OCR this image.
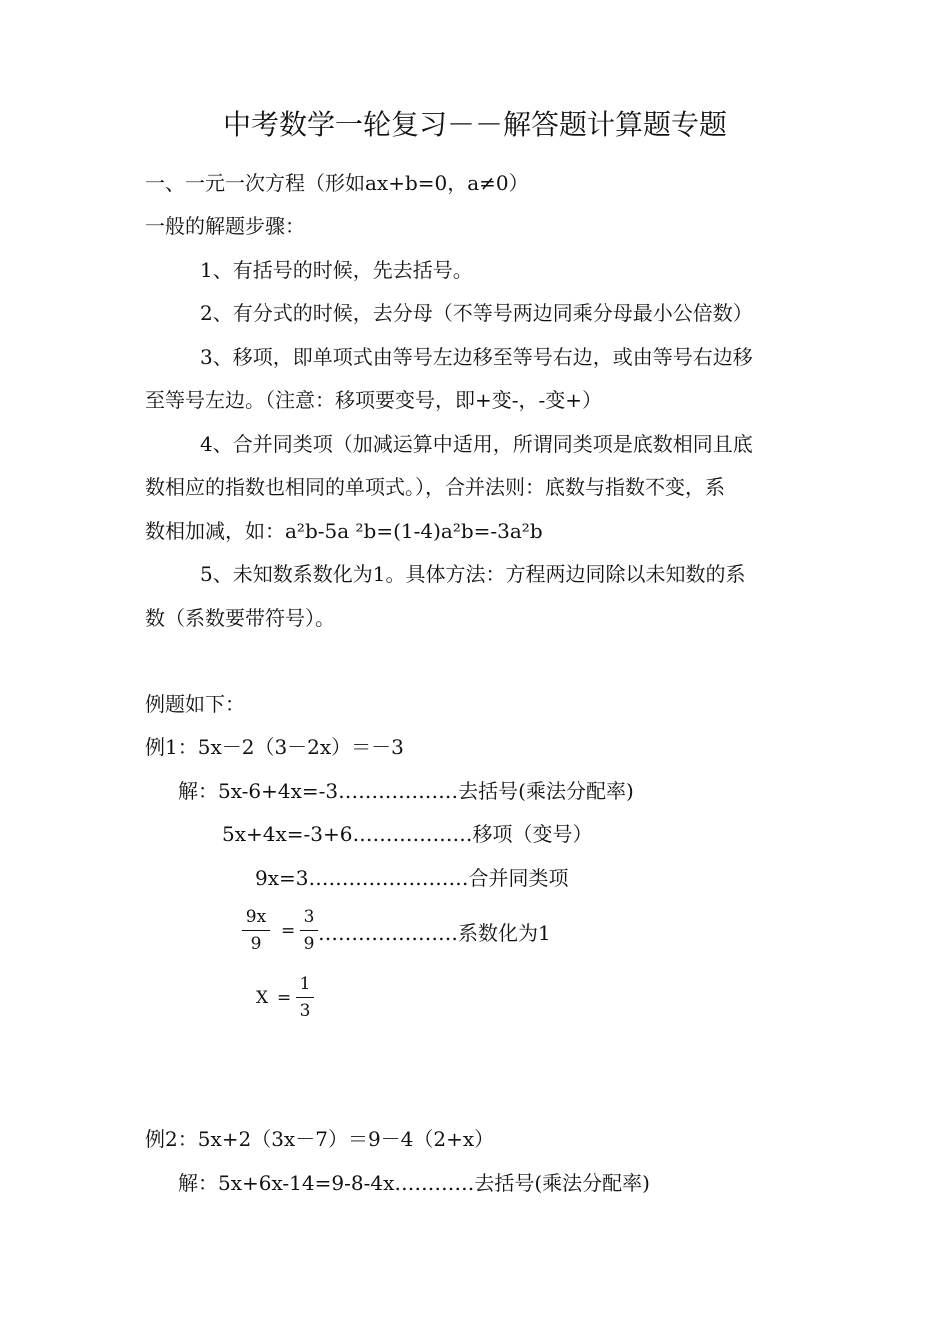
中考数学一轮复习－－解答题计算题专题
一、一元一次方程（形如ax+b=0，a≠0）
一般的解题步骤：
1、有括号的时候，先去括号。
2、有分式的时候，去分母（不等号两边同乘分母最小公倍数）
3、移项，即单项式由等号左边移至等号右边，或由等号右边移
至等号左边。（注意：移项要变号，即+变-，-变+）
4、合并同类项（加减运算中适用，所谓同类项是底数相同且底
数相应的指数也相同的单项式。），合并法则：底数与指数不变，系
数相加减，如：a²b-5a ²b=(1-4)a²b=-3a²b
5、未知数系数化为1。具体方法：方程两边同除以未知数的系
数（系数要带符号）。
例题如下：
例1：5x－2（3－2x）＝－3
解：5x-6+4x=-3………………去括号(乘法分配率)
5x+4x=-3+6………………移项（变号）
9x=3……………………合并同类项
9x
9
=
3
9 …………………系数化为1
X =
1
3
例2：5x+2（3x－7）＝9－4（2+x）
解：5x+6x-14=9-8-4x…………去括号(乘法分配率)
